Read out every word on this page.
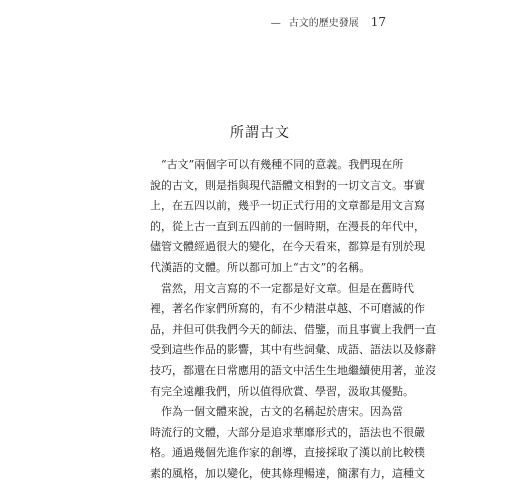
— 古文的歷史發展 17
所謂古文
　“古文”兩個字可以有幾種不同的意義。我們現在所
說的古文，則是指與現代語體文相對的一切文言文。事實
上，在五四以前，幾乎一切正式行用的文章都是用文言寫
的，從上古一直到五四前的一個時期，在漫長的年代中，
儘管文體經過很大的變化，在今天看來，都算是有別於現
代漢語的文體。所以都可加上“古文”的名稱。
　當然，用文言寫的不一定都是好文章。但是在舊時代
裡，著名作家們所寫的，有不少精湛卓越、不可磨滅的作
品，并但可供我們今天的師法、借鑒，而且事實上我們一直
受到這些作品的影響，其中有些詞彙、成語、語法以及修辭
技巧，都還在日常應用的語文中活生生地繼續使用著，並沒
有完全遠離我們，所以值得欣賞、學習，汲取其優點。
　作為一個文體來說，古文的名稱起於唐宋。因為當
時流行的文體，大部分是追求華靡形式的，語法也不很嚴
格。通過幾個先進作家的創導，直接採取了漢以前比較樸
素的風格，加以變化，使其條理暢達，簡潔有力，這種文
